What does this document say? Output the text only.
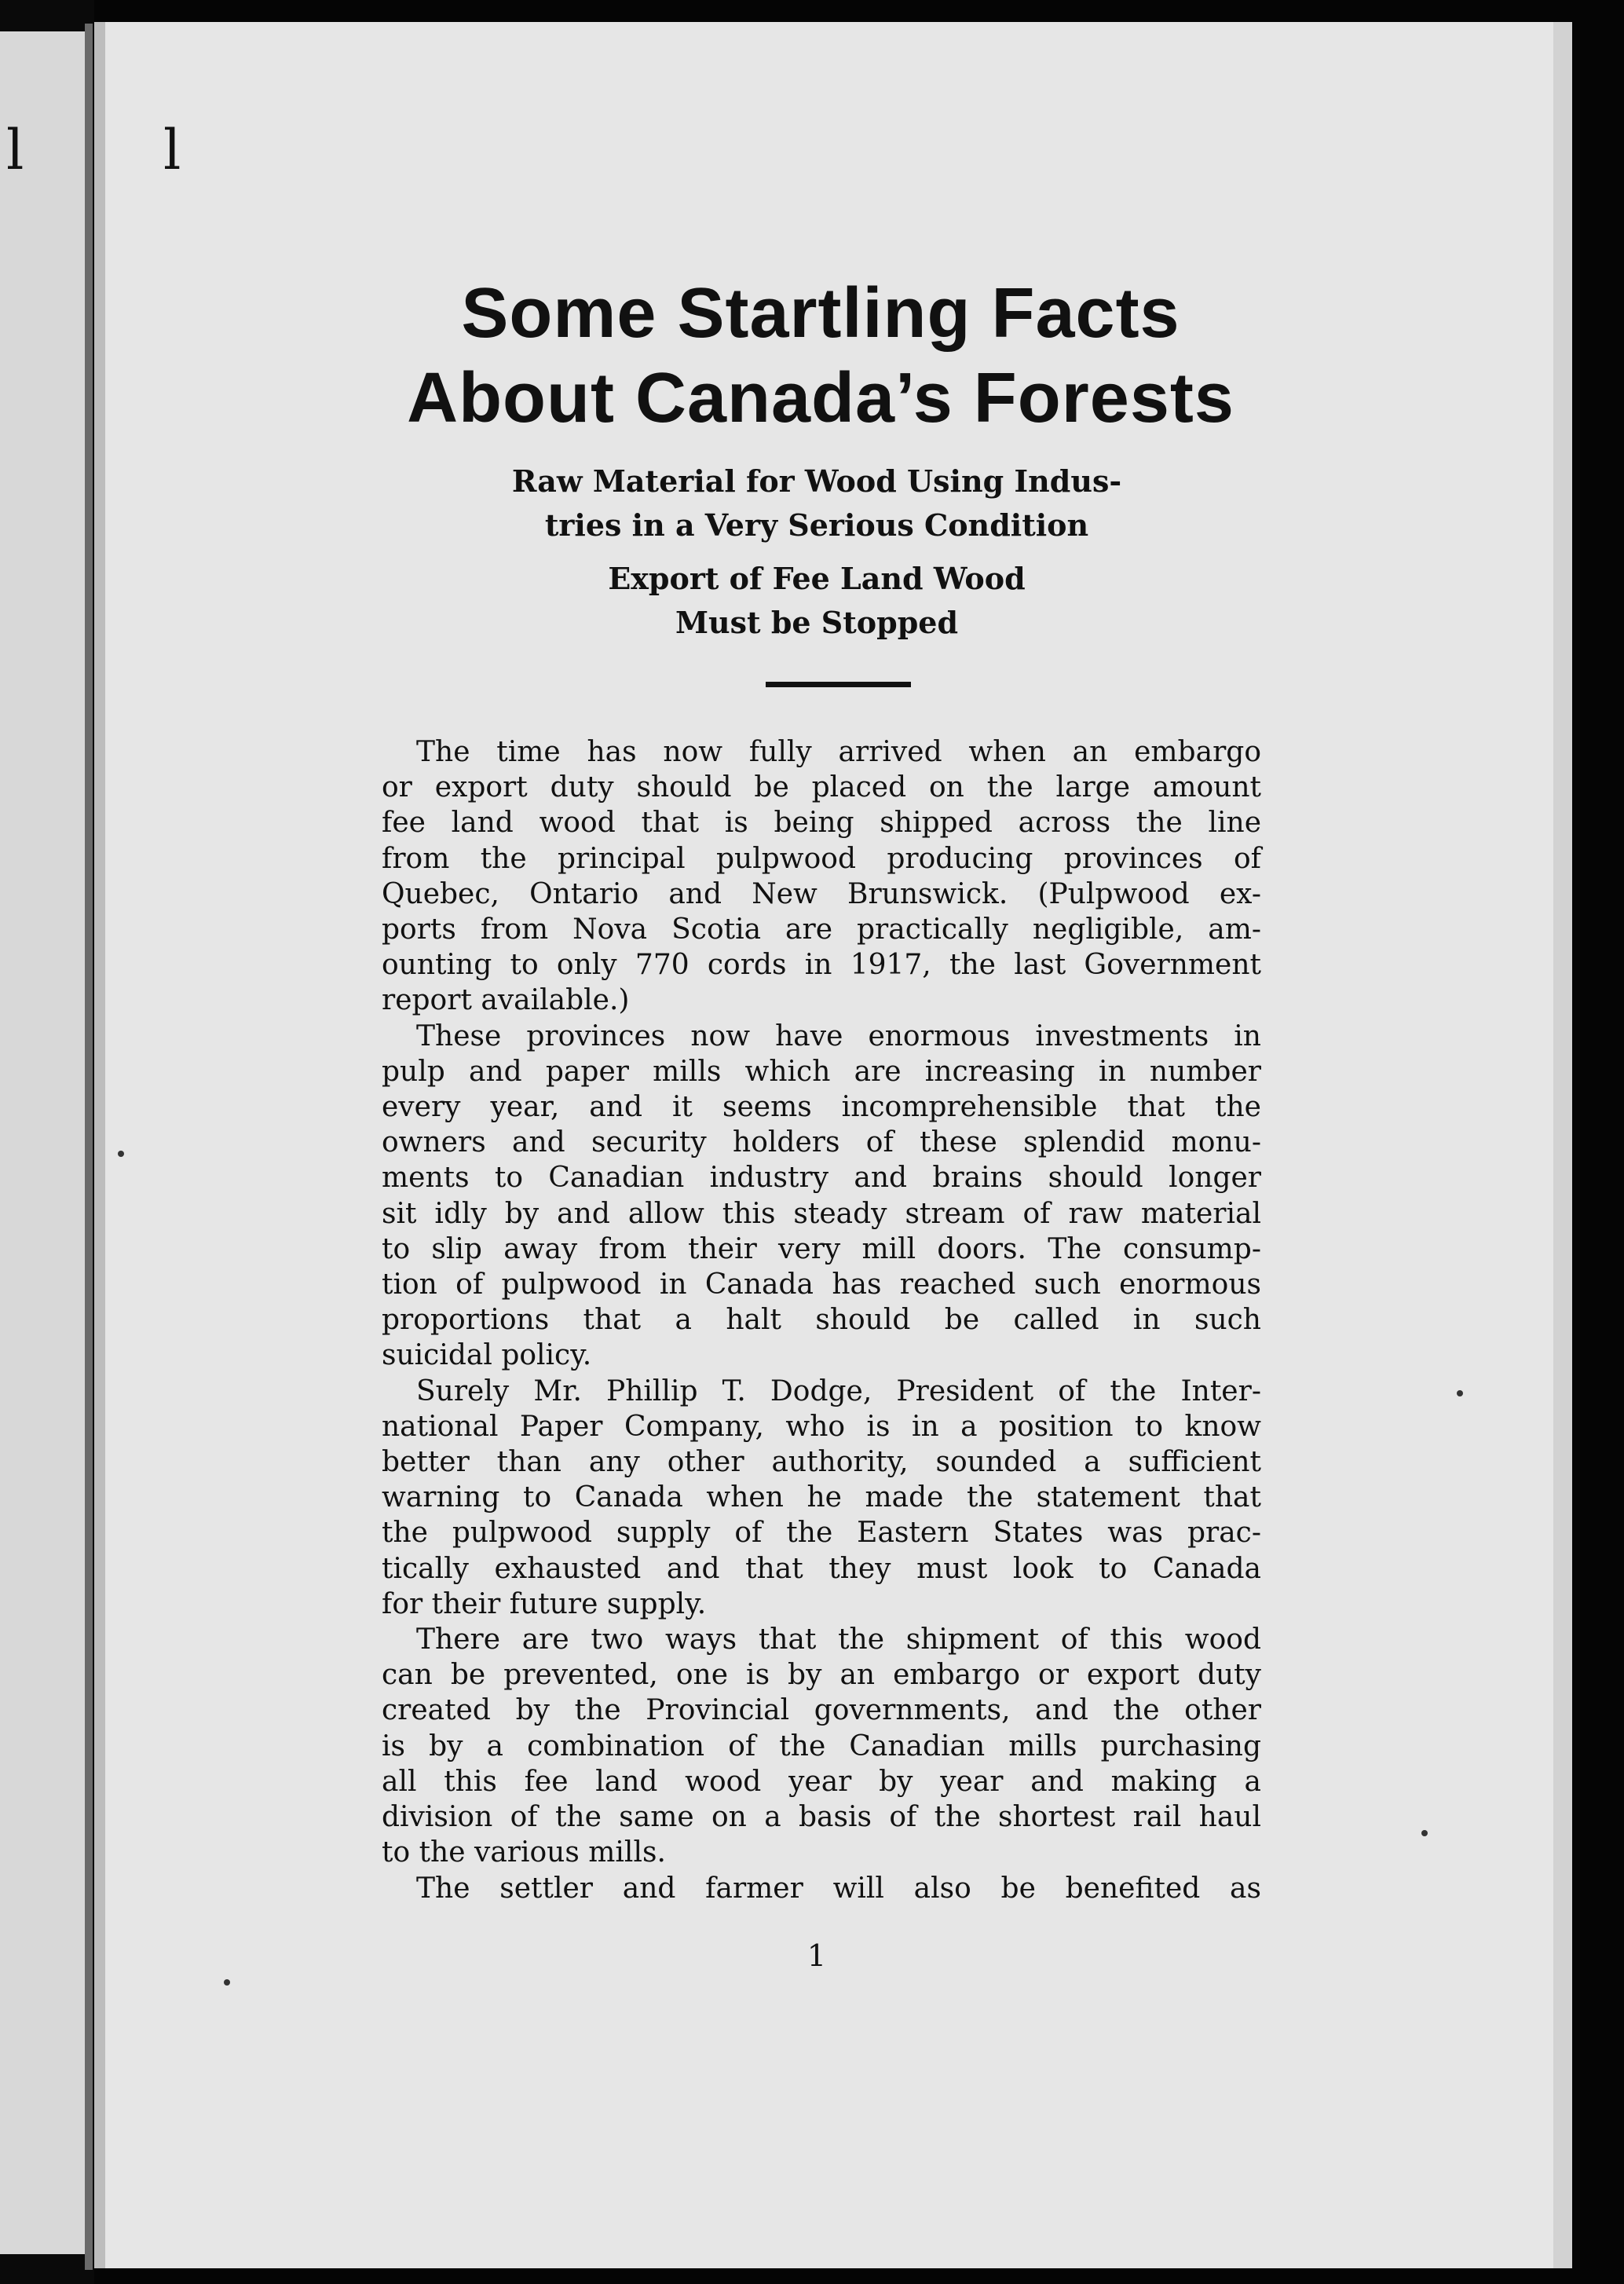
l	l
Some Startling Facts
About Canada’s Forests
Raw Material for Wood Using Indus-
tries in a Very Serious Condition
Export of Fee Land Wood
Must be Stopped
The time has now fully arrived when an embargo
or export duty should be placed on the large amount
fee land wood that is being shipped across the line
from the principal pulpwood producing provinces of
Quebec, Ontario and New Brunswick. (Pulpwood ex-
ports from Nova Scotia are practically negligible, am-
ounting to only 770 cords in 1917, the last Government
report available.)
These provinces now have enormous investments in
pulp and paper mills which are increasing in number
every year, and it seems incomprehensible that the
owners and security holders of these splendid monu-
ments to Canadian industry and brains should longer
sit idly by and allow this steady stream of raw material
to slip away from their very mill doors. The consump-
tion of pulpwood in Canada has reached such enormous
proportions that a halt should be called in such
suicidal policy.
Surely Mr. Phillip T. Dodge, President of the Inter-
national Paper Company, who is in a position to know
better than any other authority, sounded a sufficient
warning to Canada when he made the statement that
the pulpwood supply of the Eastern States was prac-
tically exhausted and that they must look to Canada
for their future supply.
There are two ways that the shipment of this wood
can be prevented, one is by an embargo or export duty
created by the Provincial governments, and the other
is by a combination of the Canadian mills purchasing
all this fee land wood year by year and making a
division of the same on a basis of the shortest rail haul
to the various mills.
The settler and farmer will also be benefited as
1
